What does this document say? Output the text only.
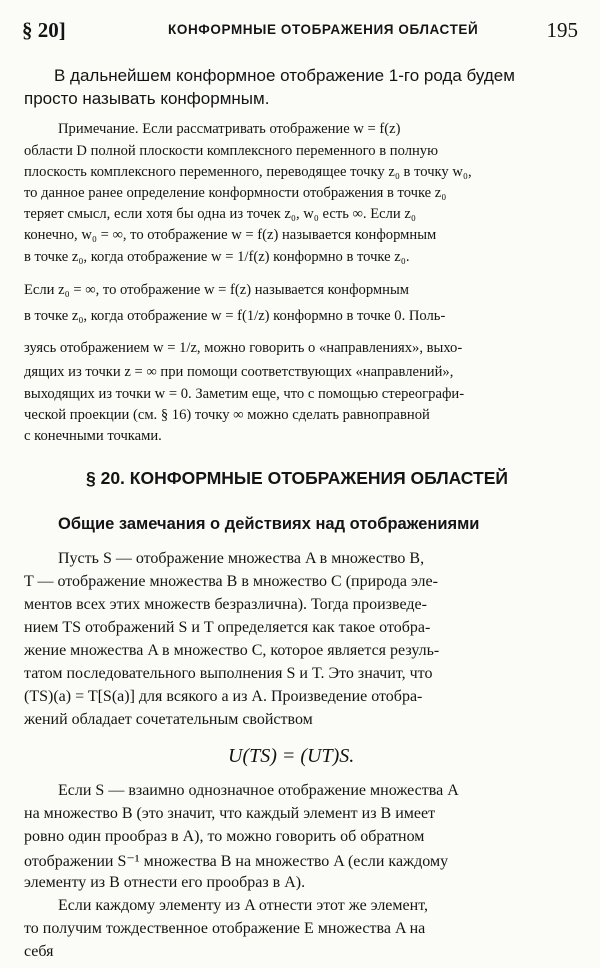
§ 20]	КОНФОРМНЫЕ ОТОБРАЖЕНИЯ ОБЛАСТЕЙ	195
В дальнейшем конформное отображение 1-го рода будем
просто называть конформным.
Примечание. Если рассматривать отображение w = f(z)
области D полной плоскости комплексного переменного в полную
плоскость комплексного переменного, переводящее точку z₀ в точку w₀,
то данное ранее определение конформности отображения в точке z₀
теряет смысл, если хотя бы одна из точек z₀, w₀ есть ∞. Если z₀
конечно, w₀ = ∞, то отображение w = f(z) называется конформным
в точке z₀, когда отображение w = 1/f(z) конформно в точке z₀.
Если z₀ = ∞, то отображение w = f(z) называется конформным
в точке z₀, когда отображение w = f(1/z) конформно в точке 0. Поль-
зуясь отображением w = 1/z, можно говорить о «направлениях», выхо-
дящих из точки z = ∞ при помощи соответствующих «направлений»,
выходящих из точки w = 0. Заметим еще, что с помощью стереографи-
ческой проекции (см. § 16) точку ∞ можно сделать равноправной
с конечными точками.
§ 20. КОНФОРМНЫЕ ОТОБРАЖЕНИЯ ОБЛАСТЕЙ
Общие замечания о действиях над отображениями
Пусть S — отображение множества A в множество B,
T — отображение множества B в множество C (природа эле-
ментов всех этих множеств безразлична). Тогда произведе-
нием TS отображений S и T определяется как такое отобра-
жение множества A в множество C, которое является резуль-
татом последовательного выполнения S и T. Это значит, что
(TS)(a) = T[S(a)] для всякого a из A. Произведение отобра-
жений обладает сочетательным свойством
U(TS) = (UT)S.
Если S — взаимно однозначное отображение множества A
на множество B (это значит, что каждый элемент из B имеет
ровно один прообраз в A), то можно говорить об обратном
отображении S⁻¹ множества B на множество A (если каждому
элементу из B отнести его прообраз в A).
Если каждому элементу из A отнести этот же элемент,
то получим тождественное отображение E множества A на
себя
